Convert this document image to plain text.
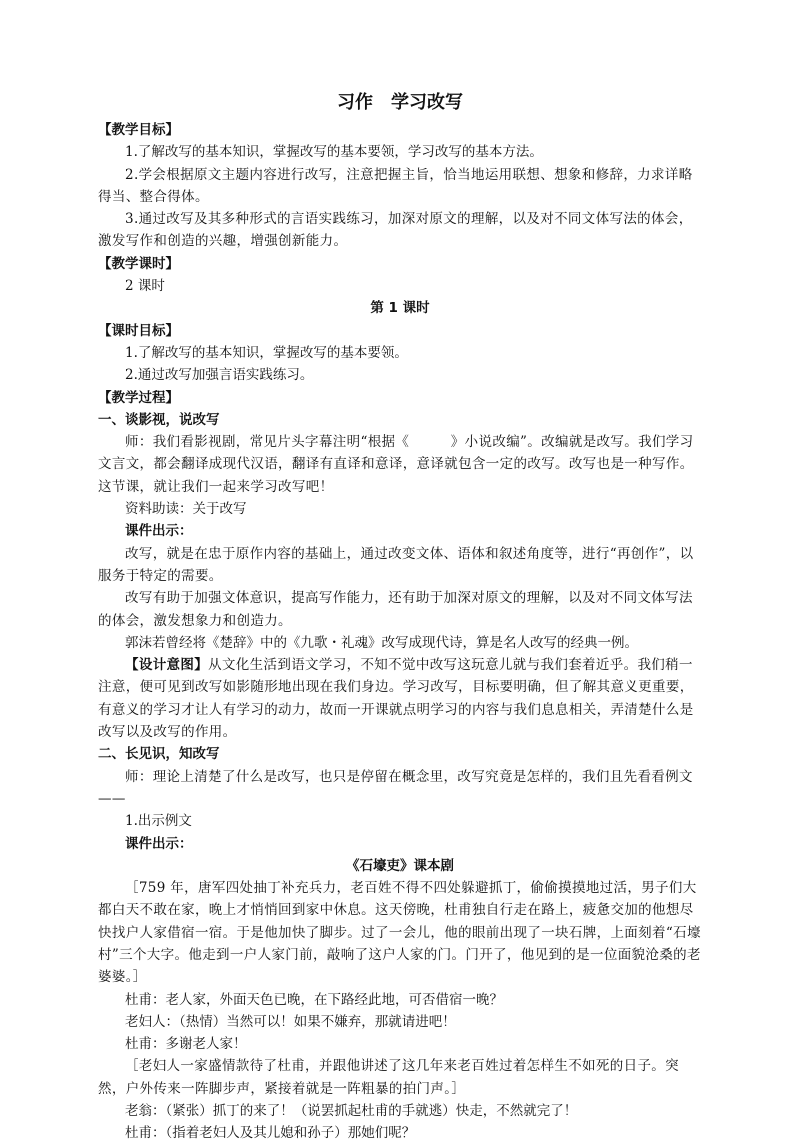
习作　学习改写

【教学目标】

1.了解改写的基本知识，掌握改写的基本要领，学习改写的基本方法。

2.学会根据原文主题内容进行改写，注意把握主旨，恰当地运用联想、想象和修辞，力求详略得当、整合得体。

3.通过改写及其多种形式的言语实践练习，加深对原文的理解，以及对不同文体写法的体会，激发写作和创造的兴趣，增强创新能力。

【教学课时】

2 课时

第 1 课时

【课时目标】

1.了解改写的基本知识，掌握改写的基本要领。

2.通过改写加强言语实践练习。

【教学过程】

一、谈影视，说改写

师：我们看影视剧，常见片头字幕注明“根据《　　　》小说改编”。改编就是改写。我们学习文言文，都会翻译成现代汉语，翻译有直译和意译，意译就包含一定的改写。改写也是一种写作。这节课，就让我们一起来学习改写吧！

资料助读：关于改写

课件出示：

改写，就是在忠于原作内容的基础上，通过改变文体、语体和叙述角度等，进行“再创作”，以服务于特定的需要。

改写有助于加强文体意识，提高写作能力，还有助于加深对原文的理解，以及对不同文体写法的体会，激发想象力和创造力。

郭沫若曾经将《楚辞》中的《九歌・礼魂》改写成现代诗，算是名人改写的经典一例。

【设计意图】从文化生活到语文学习，不知不觉中改写这玩意儿就与我们套着近乎。我们稍一注意，便可见到改写如影随形地出现在我们身边。学习改写，目标要明确，但了解其意义更重要，有意义的学习才让人有学习的动力，故而一开课就点明学习的内容与我们息息相关，弄清楚什么是改写以及改写的作用。

二、长见识，知改写

师：理论上清楚了什么是改写，也只是停留在概念里，改写究竟是怎样的，我们且先看看例文——

1.出示例文

课件出示：

《石壕吏》课本剧

［759 年，唐军四处抽丁补充兵力，老百姓不得不四处躲避抓丁，偷偷摸摸地过活，男子们大都白天不敢在家，晚上才悄悄回到家中休息。这天傍晚，杜甫独自行走在路上，疲惫交加的他想尽快找户人家借宿一宿。于是他加快了脚步。过了一会儿，他的眼前出现了一块石牌，上面刻着“石壕村”三个大字。他走到一户人家门前，敲响了这户人家的门。门开了，他见到的是一位面貌沧桑的老婆婆。］

杜甫：老人家，外面天色已晚，在下路经此地，可否借宿一晚？

老妇人：（热情）当然可以！如果不嫌弃，那就请进吧！

杜甫：多谢老人家！

［老妇人一家盛情款待了杜甫，并跟他讲述了这几年来老百姓过着怎样生不如死的日子。突然，户外传来一阵脚步声，紧接着就是一阵粗暴的拍门声。］

老翁：（紧张）抓丁的来了！（说罢抓起杜甫的手就逃）快走，不然就完了！

杜甫：（指着老妇人及其儿媳和孙子）那她们呢？
